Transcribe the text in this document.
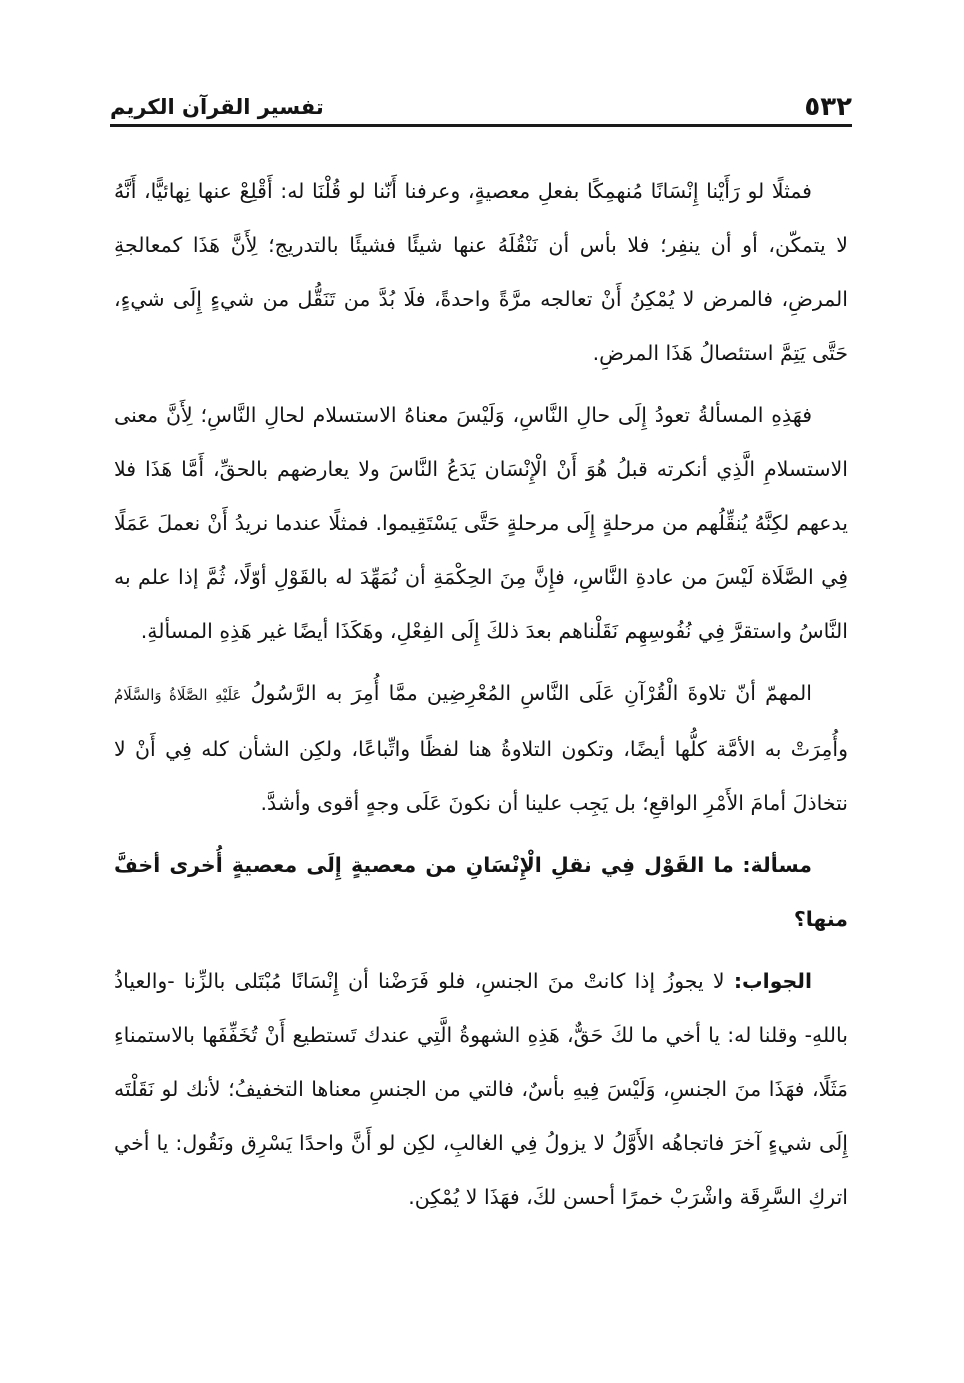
٥٣٢
تفسير القرآن الكريم

فمثلًا لو رَأَيْنا إِنْسَانًا مُنهمِكًا بفعلِ معصيةٍ، وعرفنا أَنّنا لو قُلْنَا له: أَقْلِعْ عنها نِهائيًّا، أَنَّهُ لا يتمكّن، أو أن ينفِر؛ فلا بأس أن نَنْقُلَهُ عنها شيئًا فشيئًا بالتدريج؛ لِأَنَّ هَذَا كمعالجةِ المرضِ، فالمرض لا يُمْكِنُ أَنْ تعالجه مرَّةً واحدةً، فلَا بُدَّ من تَنَقُّل من شيءٍ إِلَى شيءٍ، حَتَّى يَتِمَّ استئصالُ هَذَا المرضِ.

فهَذِهِ المسألةُ تعودُ إِلَى حالِ النَّاسِ، وَلَيْسَ معناهُ الاستسلام لحالِ النَّاسِ؛ لِأَنَّ معنى الاستسلامِ الَّذِي أنكرته قبلُ هُوَ أَنْ الْإِنْسَان يَدَعُ النَّاسَ ولا يعارضهم بالحقِّ، أَمَّا هَذَا فلا يدعهم لكِنَّهُ يُنقِّلُهم من مرحلةٍ إِلَى مرحلةٍ حَتَّى يَسْتَقِيموا. فمثلًا عندما نريدُ أَنْ نعملَ عَمَلًا فِي الصَّلَاة لَيْسَ من عادةِ النَّاسِ، فإِنَّ مِنَ الحِكْمَةِ أن نُمَهِّدَ له بالقَوْلِ أوّلًا، ثُمَّ إذا علم به النَّاسُ واستقرَّ فِي نُفُوسِهِم نَقَلْناهم بعدَ ذلكَ إِلَى الفِعْلِ، وهَكَذَا أيضًا غير هَذِهِ المسألةِ.

المهمّ أنّ تلاوةَ الْقُرْآنِ عَلَى النَّاسِ المُعْرِضِين ممَّا أُمِرَ به الرَّسُولُ عَلَيْهِ الصَّلَاةُ وَالسَّلَامُ وأُمِرَتْ به الأمَّة كلُّها أيضًا، وتكون التلاوةُ هنا لفظًا واتِّباعًا، ولكِن الشأن كله فِي أَنْ لا نتخاذلَ أمامَ الأَمْرِ الواقعِ؛ بل يَجِب علينا أن نكونَ عَلَى وجهٍ أقوى وأشدَّ.

مسألة: ما القَوْل فِي نقلِ الْإِنْسَانِ من معصيةٍ إِلَى معصيةٍ أُخرى أخفَّ منها؟

الجواب: لا يجوزُ إذا كانتْ منَ الجنسِ، فلو فَرَضْنا أن إِنْسَانًا مُبْتَلى بالزِّنا -والعياذُ باللهِ- وقلنا له: يا أخي ما لكَ حَقٌّ، هَذِهِ الشهوةُ الَّتِي عندك تَستطيع أَنْ تُخَفِّفَها بالاستمناءِ مَثَلًا، فهَذَا منَ الجنسِ، وَلَيْسَ فِيهِ بأسٌ، فالتي من الجنسِ معناها التخفيفُ؛ لأنك لو نَقَلْتَه إِلَى شيءٍ آخرَ فاتجاهُه الأَوَّلُ لا يزولُ فِي الغالبِ، لكِن لو أَنَّ واحدًا يَسْرِق ونَقُول: يا أخي اتركِ السَّرِقَة واشْرَبْ خمرًا أحسن لكَ، فهَذَا لا يُمْكِن.
